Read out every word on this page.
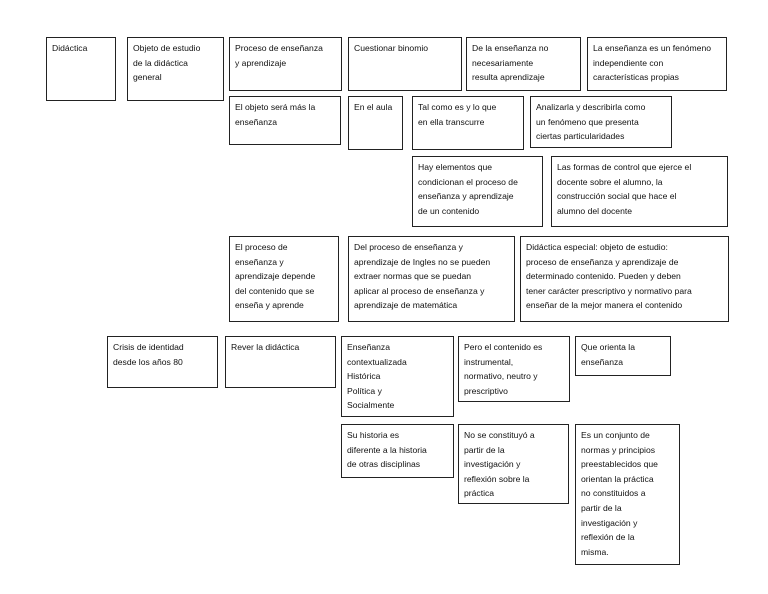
Didáctica	Objeto de estudio
de la didáctica
general
Proceso de enseñanza
y aprendizaje
Cuestionar binomio	De la enseñanza no
necesariamente
resulta aprendizaje
La enseñanza es un fenómeno
independiente con
características propias
El objeto será más la
enseñanza
En el aula	Tal como es y lo que
en ella transcurre
Analizarla y describirla como
un fenómeno que presenta
ciertas particularidades
Hay elementos que
condicionan el proceso de
enseñanza y aprendizaje
de un contenido
Las formas de control que ejerce el
docente sobre el alumno, la
construcción social que hace el
alumno del docente
El proceso de
enseñanza y
aprendizaje depende
del contenido que se
enseña y aprende
Del proceso de enseñanza y
aprendizaje de Ingles no se pueden
extraer normas que se puedan
aplicar al proceso de enseñanza y
aprendizaje de matemática
Didáctica especial: objeto de estudio:
proceso de enseñanza y aprendizaje de
determinado contenido. Pueden y deben
tener carácter prescriptivo y normativo para
enseñar de la mejor manera el contenido
Crisis de identidad
desde los años 80
Rever la didáctica	Enseñanza
contextualizada
Histórica
Política y
Socialmente
Pero el contenido es
instrumental,
normativo, neutro y
prescriptivo
Que orienta la
enseñanza
Su historia es
diferente a la historia
de otras disciplinas
No se constituyó a
partir de la
investigación y
reflexión sobre la
práctica
Es un conjunto de
normas y principios
preestablecidos que
orientan la práctica
no constituidos a
partir de la
investigación y
reflexión de la
misma.
